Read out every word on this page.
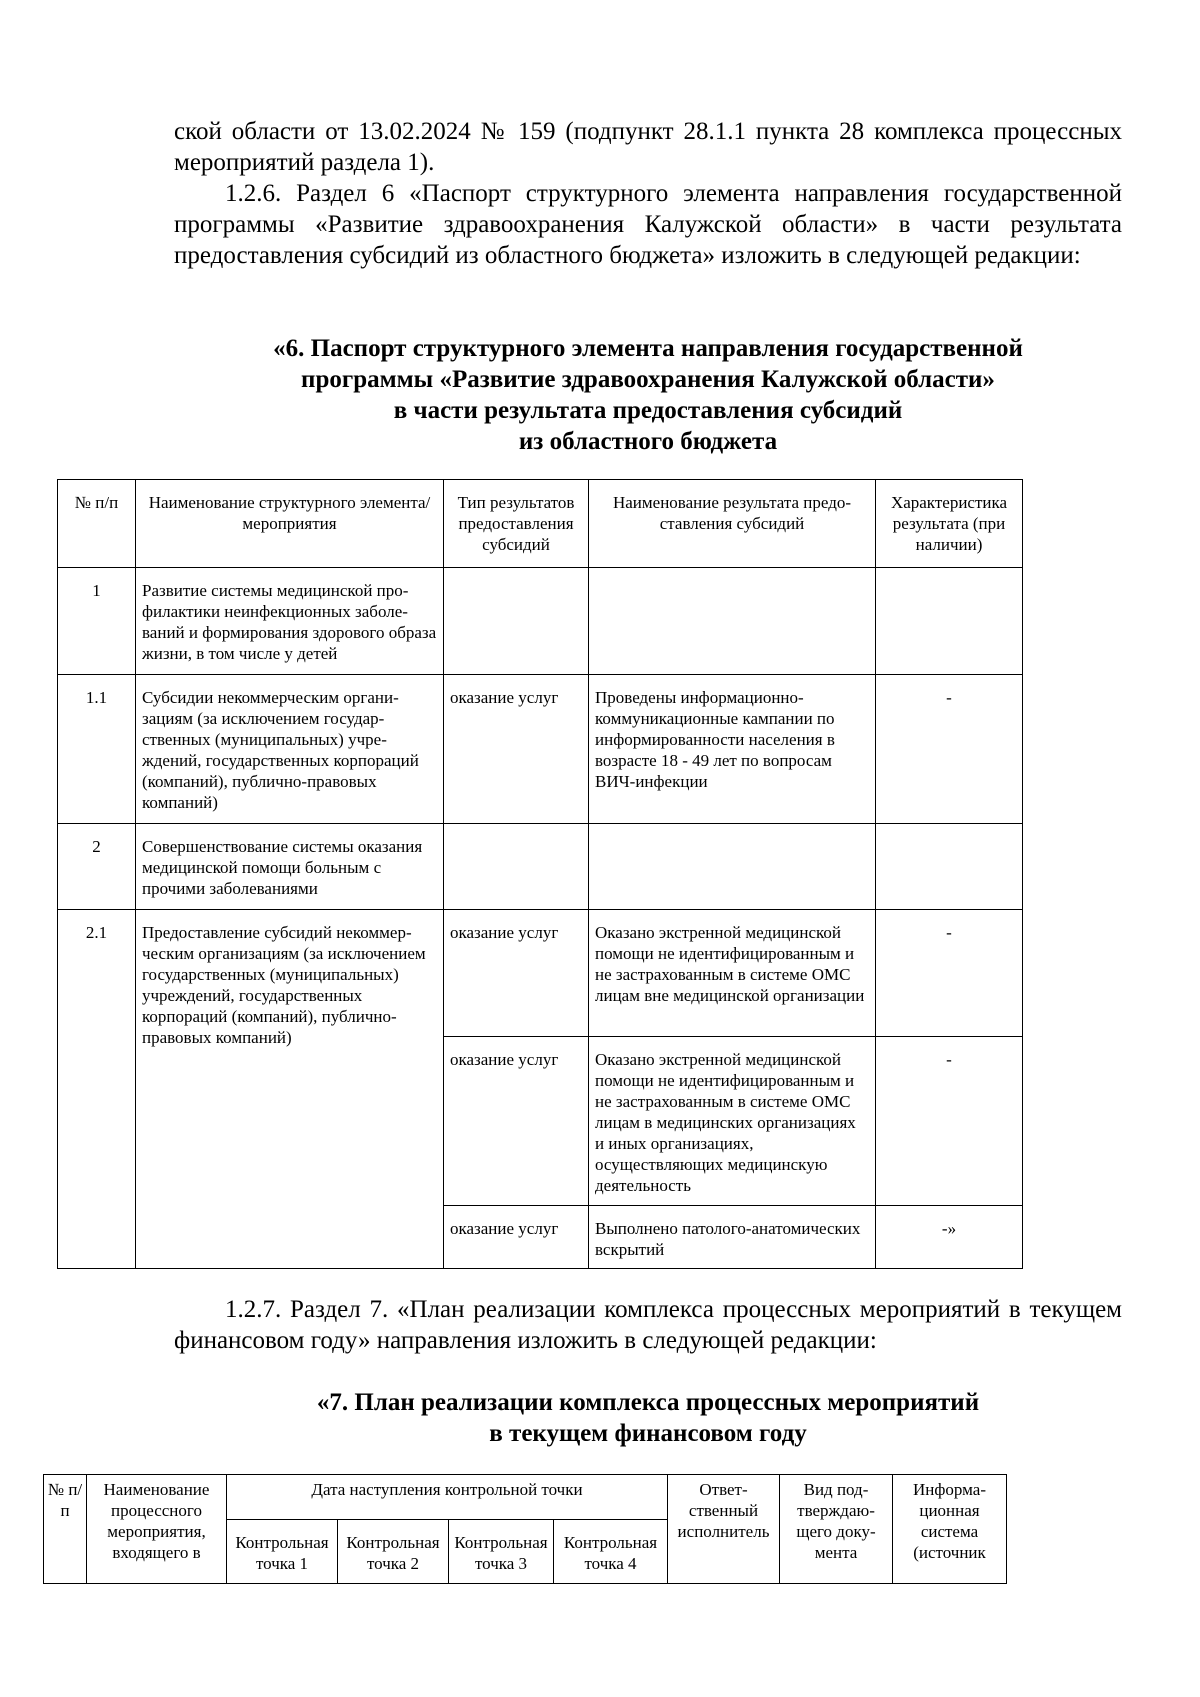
ской области от 13.02.2024 № 159 (подпункт 28.1.1 пункта 28 комплекса процессных мероприятий раздела 1).

1.2.6. Раздел 6 «Паспорт структурного элемента направления государственной программы «Развитие здравоохранения Калужской области» в части результата предоставления субсидий из областного бюджета» изложить в следующей редакции:

«6. Паспорт структурного элемента направления государственной
программы «Развитие здравоохранения Калужской области»
в части результата предоставления субсидий
из областного бюджета
№ п/п	Наименование структурного элемента/мероприятия	Тип результатов предоставления субсидий	Наименование результата предоставления субсидий	Характеристика результата (при наличии)
1	Развитие системы медицинской профилактики неинфекционных заболеваний и формирования здорового образа жизни, в том числе у детей			
1.1	Субсидии некоммерческим организациям (за исключением государственных (муниципальных) учреждений, государственных корпораций (компаний), публично-правовых компаний)	оказание услуг	Проведены информационно-коммуникационные кампании по информированности населения в возрасте 18 - 49 лет по вопросам ВИЧ-инфекции	-
2	Совершенствование системы оказания медицинской помощи больным с прочими заболеваниями			
2.1	Предоставление субсидий некоммерческим организациям (за исключением государственных (муниципальных) учреждений, государственных корпораций (компаний), публично-правовых компаний)	оказание услуг	Оказано экстренной медицинской помощи не идентифицированным и не застрахованным в системе ОМС лицам вне медицинской организации	-
		оказание услуг	Оказано экстренной медицинской помощи не идентифицированным и не застрахованным в системе ОМС лицам в медицинских организациях и иных организациях, осуществляющих медицинскую деятельность	-
		оказание услуг	Выполнено патолого-анатомических вскрытий	-»

1.2.7. Раздел 7. «План реализации комплекса процессных мероприятий в текущем финансовом году» направления изложить в следующей редакции:

«7. План реализации комплекса процессных мероприятий
в текущем финансовом году
№ п/п	Наименование процессного мероприятия, входящего в	Дата наступления контрольной точки				Ответственный исполнитель	Вид подтверждающего документа	Информационная система (источник
		Контрольная точка 1	Контрольная точка 2	Контрольная точка 3	Контрольная точка 4			
